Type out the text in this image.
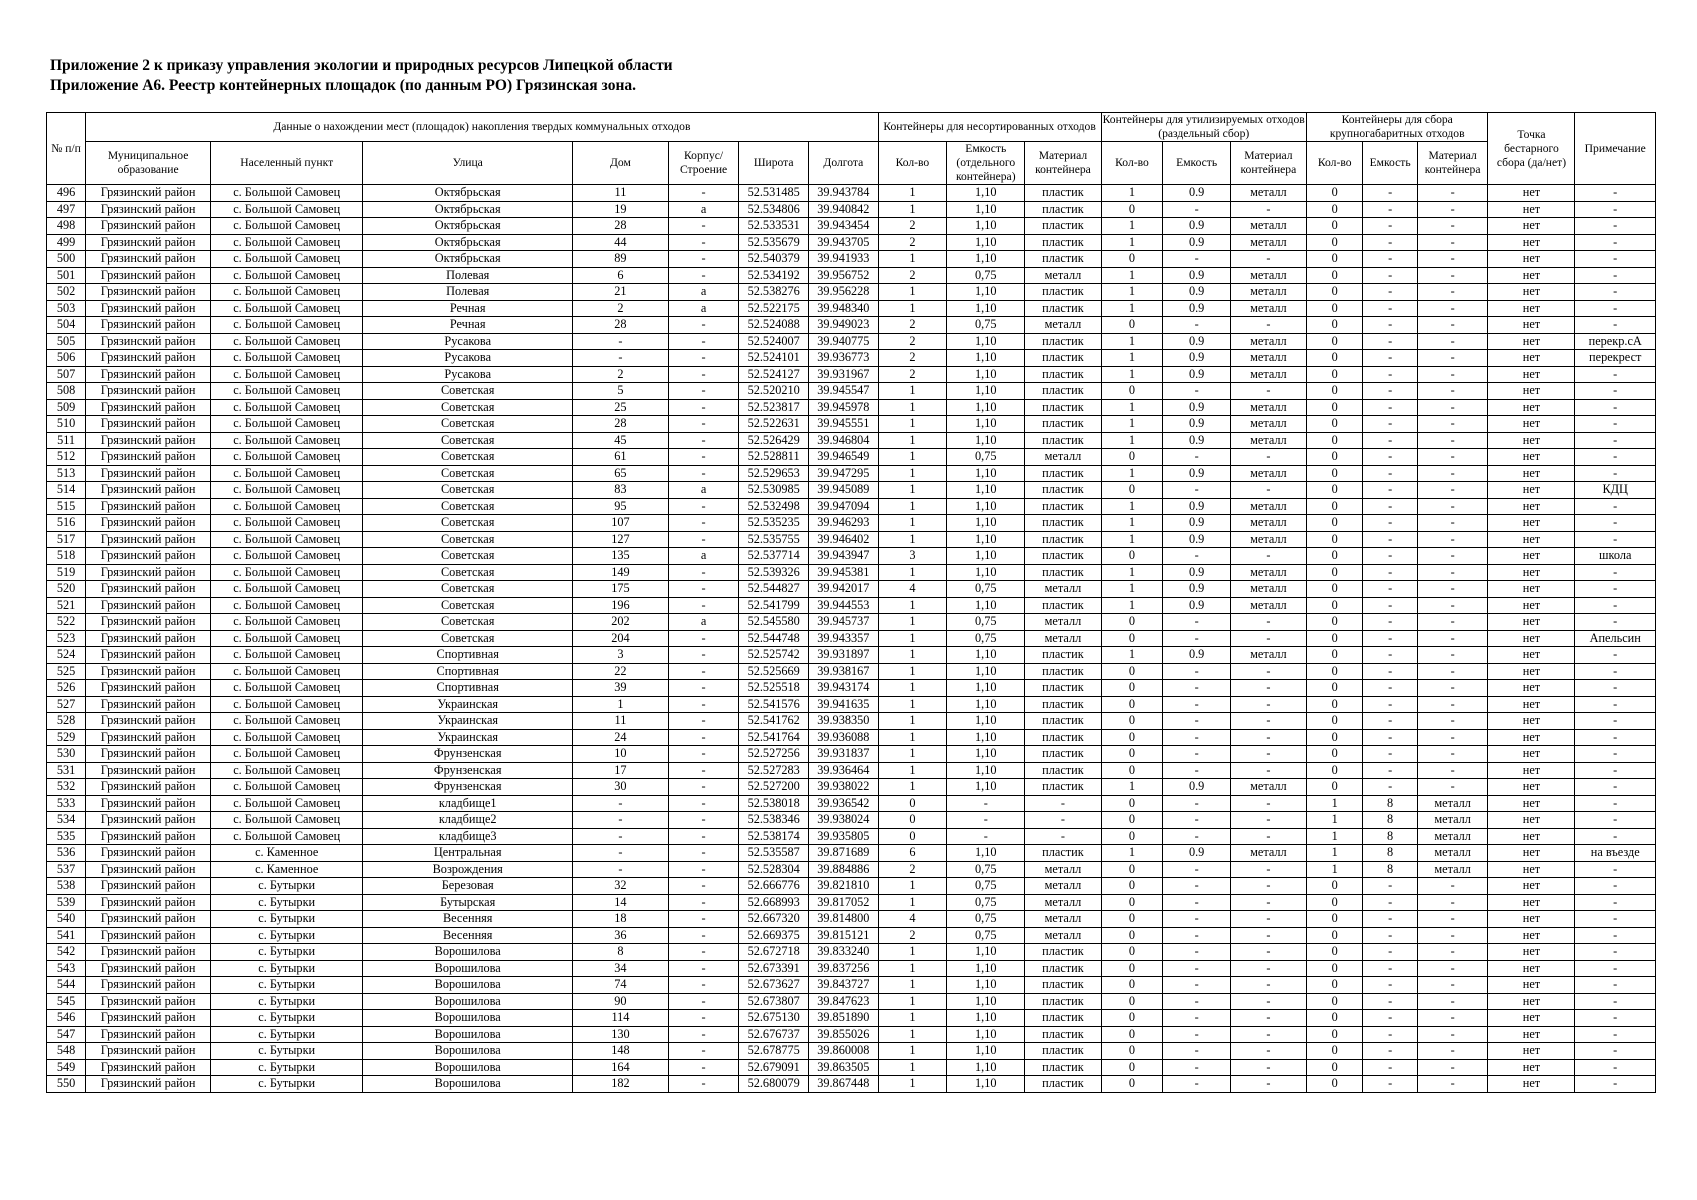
Приложение 2 к приказу управления экологии и природных ресурсов Липецкой области
Приложение А6. Реестр контейнерных площадок (по данным РО) Грязинская зона.
№ п/п	Данные о нахождении мест (площадок) накопления твердых коммунальных отходов							Контейнеры для несортированных отходов			Контейнеры для утилизируемых отходов (раздельный сбор)			Контейнеры для сбора крупногабаритных отходов			Точка бестарного сбора (да/нет)	Примечание
	Муниципальное образование	Населенный пункт	Улица	Дом	Корпус/ Строение	Широта	Долгота	Кол-во	Емкость (отдельного контейнера)	Материал контейнера	Кол-во	Емкость	Материал контейнера	Кол-во	Емкость	Материал контейнера		
496	Грязинский район	с. Большой Самовец	Октябрьская	11	-	52.531485	39.943784	1	1,10	пластик	1	0.9	металл	0	-	-	нет	-
497	Грязинский район	с. Большой Самовец	Октябрьская	19	а	52.534806	39.940842	1	1,10	пластик	0	-	-	0	-	-	нет	-
498	Грязинский район	с. Большой Самовец	Октябрьская	28	-	52.533531	39.943454	2	1,10	пластик	1	0.9	металл	0	-	-	нет	-
499	Грязинский район	с. Большой Самовец	Октябрьская	44	-	52.535679	39.943705	2	1,10	пластик	1	0.9	металл	0	-	-	нет	-
500	Грязинский район	с. Большой Самовец	Октябрьская	89	-	52.540379	39.941933	1	1,10	пластик	0	-	-	0	-	-	нет	-
501	Грязинский район	с. Большой Самовец	Полевая	6	-	52.534192	39.956752	2	0,75	металл	1	0.9	металл	0	-	-	нет	-
502	Грязинский район	с. Большой Самовец	Полевая	21	а	52.538276	39.956228	1	1,10	пластик	1	0.9	металл	0	-	-	нет	-
503	Грязинский район	с. Большой Самовец	Речная	2	а	52.522175	39.948340	1	1,10	пластик	1	0.9	металл	0	-	-	нет	-
504	Грязинский район	с. Большой Самовец	Речная	28	-	52.524088	39.949023	2	0,75	металл	0	-	-	0	-	-	нет	-
505	Грязинский район	с. Большой Самовец	Русакова	-	-	52.524007	39.940775	2	1,10	пластик	1	0.9	металл	0	-	-	нет	перекр.сА
506	Грязинский район	с. Большой Самовец	Русакова	-	-	52.524101	39.936773	2	1,10	пластик	1	0.9	металл	0	-	-	нет	перекрест
507	Грязинский район	с. Большой Самовец	Русакова	2	-	52.524127	39.931967	2	1,10	пластик	1	0.9	металл	0	-	-	нет	-
508	Грязинский район	с. Большой Самовец	Советская	5	-	52.520210	39.945547	1	1,10	пластик	0	-	-	0	-	-	нет	-
509	Грязинский район	с. Большой Самовец	Советская	25	-	52.523817	39.945978	1	1,10	пластик	1	0.9	металл	0	-	-	нет	-
510	Грязинский район	с. Большой Самовец	Советская	28	-	52.522631	39.945551	1	1,10	пластик	1	0.9	металл	0	-	-	нет	-
511	Грязинский район	с. Большой Самовец	Советская	45	-	52.526429	39.946804	1	1,10	пластик	1	0.9	металл	0	-	-	нет	-
512	Грязинский район	с. Большой Самовец	Советская	61	-	52.528811	39.946549	1	0,75	металл	0	-	-	0	-	-	нет	-
513	Грязинский район	с. Большой Самовец	Советская	65	-	52.529653	39.947295	1	1,10	пластик	1	0.9	металл	0	-	-	нет	-
514	Грязинский район	с. Большой Самовец	Советская	83	а	52.530985	39.945089	1	1,10	пластик	0	-	-	0	-	-	нет	КДЦ
515	Грязинский район	с. Большой Самовец	Советская	95	-	52.532498	39.947094	1	1,10	пластик	1	0.9	металл	0	-	-	нет	-
516	Грязинский район	с. Большой Самовец	Советская	107	-	52.535235	39.946293	1	1,10	пластик	1	0.9	металл	0	-	-	нет	-
517	Грязинский район	с. Большой Самовец	Советская	127	-	52.535755	39.946402	1	1,10	пластик	1	0.9	металл	0	-	-	нет	-
518	Грязинский район	с. Большой Самовец	Советская	135	а	52.537714	39.943947	3	1,10	пластик	0	-	-	0	-	-	нет	школа
519	Грязинский район	с. Большой Самовец	Советская	149	-	52.539326	39.945381	1	1,10	пластик	1	0.9	металл	0	-	-	нет	-
520	Грязинский район	с. Большой Самовец	Советская	175	-	52.544827	39.942017	4	0,75	металл	1	0.9	металл	0	-	-	нет	-
521	Грязинский район	с. Большой Самовец	Советская	196	-	52.541799	39.944553	1	1,10	пластик	1	0.9	металл	0	-	-	нет	-
522	Грязинский район	с. Большой Самовец	Советская	202	а	52.545580	39.945737	1	0,75	металл	0	-	-	0	-	-	нет	-
523	Грязинский район	с. Большой Самовец	Советская	204	-	52.544748	39.943357	1	0,75	металл	0	-	-	0	-	-	нет	Апельсин
524	Грязинский район	с. Большой Самовец	Спортивная	3	-	52.525742	39.931897	1	1,10	пластик	1	0.9	металл	0	-	-	нет	-
525	Грязинский район	с. Большой Самовец	Спортивная	22	-	52.525669	39.938167	1	1,10	пластик	0	-	-	0	-	-	нет	-
526	Грязинский район	с. Большой Самовец	Спортивная	39	-	52.525518	39.943174	1	1,10	пластик	0	-	-	0	-	-	нет	-
527	Грязинский район	с. Большой Самовец	Украинская	1	-	52.541576	39.941635	1	1,10	пластик	0	-	-	0	-	-	нет	-
528	Грязинский район	с. Большой Самовец	Украинская	11	-	52.541762	39.938350	1	1,10	пластик	0	-	-	0	-	-	нет	-
529	Грязинский район	с. Большой Самовец	Украинская	24	-	52.541764	39.936088	1	1,10	пластик	0	-	-	0	-	-	нет	-
530	Грязинский район	с. Большой Самовец	Фрунзенская	10	-	52.527256	39.931837	1	1,10	пластик	0	-	-	0	-	-	нет	-
531	Грязинский район	с. Большой Самовец	Фрунзенская	17	-	52.527283	39.936464	1	1,10	пластик	0	-	-	0	-	-	нет	-
532	Грязинский район	с. Большой Самовец	Фрунзенская	30	-	52.527200	39.938022	1	1,10	пластик	1	0.9	металл	0	-	-	нет	-
533	Грязинский район	с. Большой Самовец	кладбище1	-	-	52.538018	39.936542	0	-	-	0	-	-	1	8	металл	нет	-
534	Грязинский район	с. Большой Самовец	кладбище2	-	-	52.538346	39.938024	0	-	-	0	-	-	1	8	металл	нет	-
535	Грязинский район	с. Большой Самовец	кладбище3	-	-	52.538174	39.935805	0	-	-	0	-	-	1	8	металл	нет	-
536	Грязинский район	с. Каменное	Центральная	-	-	52.535587	39.871689	6	1,10	пластик	1	0.9	металл	1	8	металл	нет	на въезде
537	Грязинский район	с. Каменное	Возрождения	-	-	52.528304	39.884886	2	0,75	металл	0	-	-	1	8	металл	нет	-
538	Грязинский район	с. Бутырки	Березовая	32	-	52.666776	39.821810	1	0,75	металл	0	-	-	0	-	-	нет	-
539	Грязинский район	с. Бутырки	Бутырская	14	-	52.668993	39.817052	1	0,75	металл	0	-	-	0	-	-	нет	-
540	Грязинский район	с. Бутырки	Весенняя	18	-	52.667320	39.814800	4	0,75	металл	0	-	-	0	-	-	нет	-
541	Грязинский район	с. Бутырки	Весенняя	36	-	52.669375	39.815121	2	0,75	металл	0	-	-	0	-	-	нет	-
542	Грязинский район	с. Бутырки	Ворошилова	8	-	52.672718	39.833240	1	1,10	пластик	0	-	-	0	-	-	нет	-
543	Грязинский район	с. Бутырки	Ворошилова	34	-	52.673391	39.837256	1	1,10	пластик	0	-	-	0	-	-	нет	-
544	Грязинский район	с. Бутырки	Ворошилова	74	-	52.673627	39.843727	1	1,10	пластик	0	-	-	0	-	-	нет	-
545	Грязинский район	с. Бутырки	Ворошилова	90	-	52.673807	39.847623	1	1,10	пластик	0	-	-	0	-	-	нет	-
546	Грязинский район	с. Бутырки	Ворошилова	114	-	52.675130	39.851890	1	1,10	пластик	0	-	-	0	-	-	нет	-
547	Грязинский район	с. Бутырки	Ворошилова	130	-	52.676737	39.855026	1	1,10	пластик	0	-	-	0	-	-	нет	-
548	Грязинский район	с. Бутырки	Ворошилова	148	-	52.678775	39.860008	1	1,10	пластик	0	-	-	0	-	-	нет	-
549	Грязинский район	с. Бутырки	Ворошилова	164	-	52.679091	39.863505	1	1,10	пластик	0	-	-	0	-	-	нет	-
550	Грязинский район	с. Бутырки	Ворошилова	182	-	52.680079	39.867448	1	1,10	пластик	0	-	-	0	-	-	нет	-
